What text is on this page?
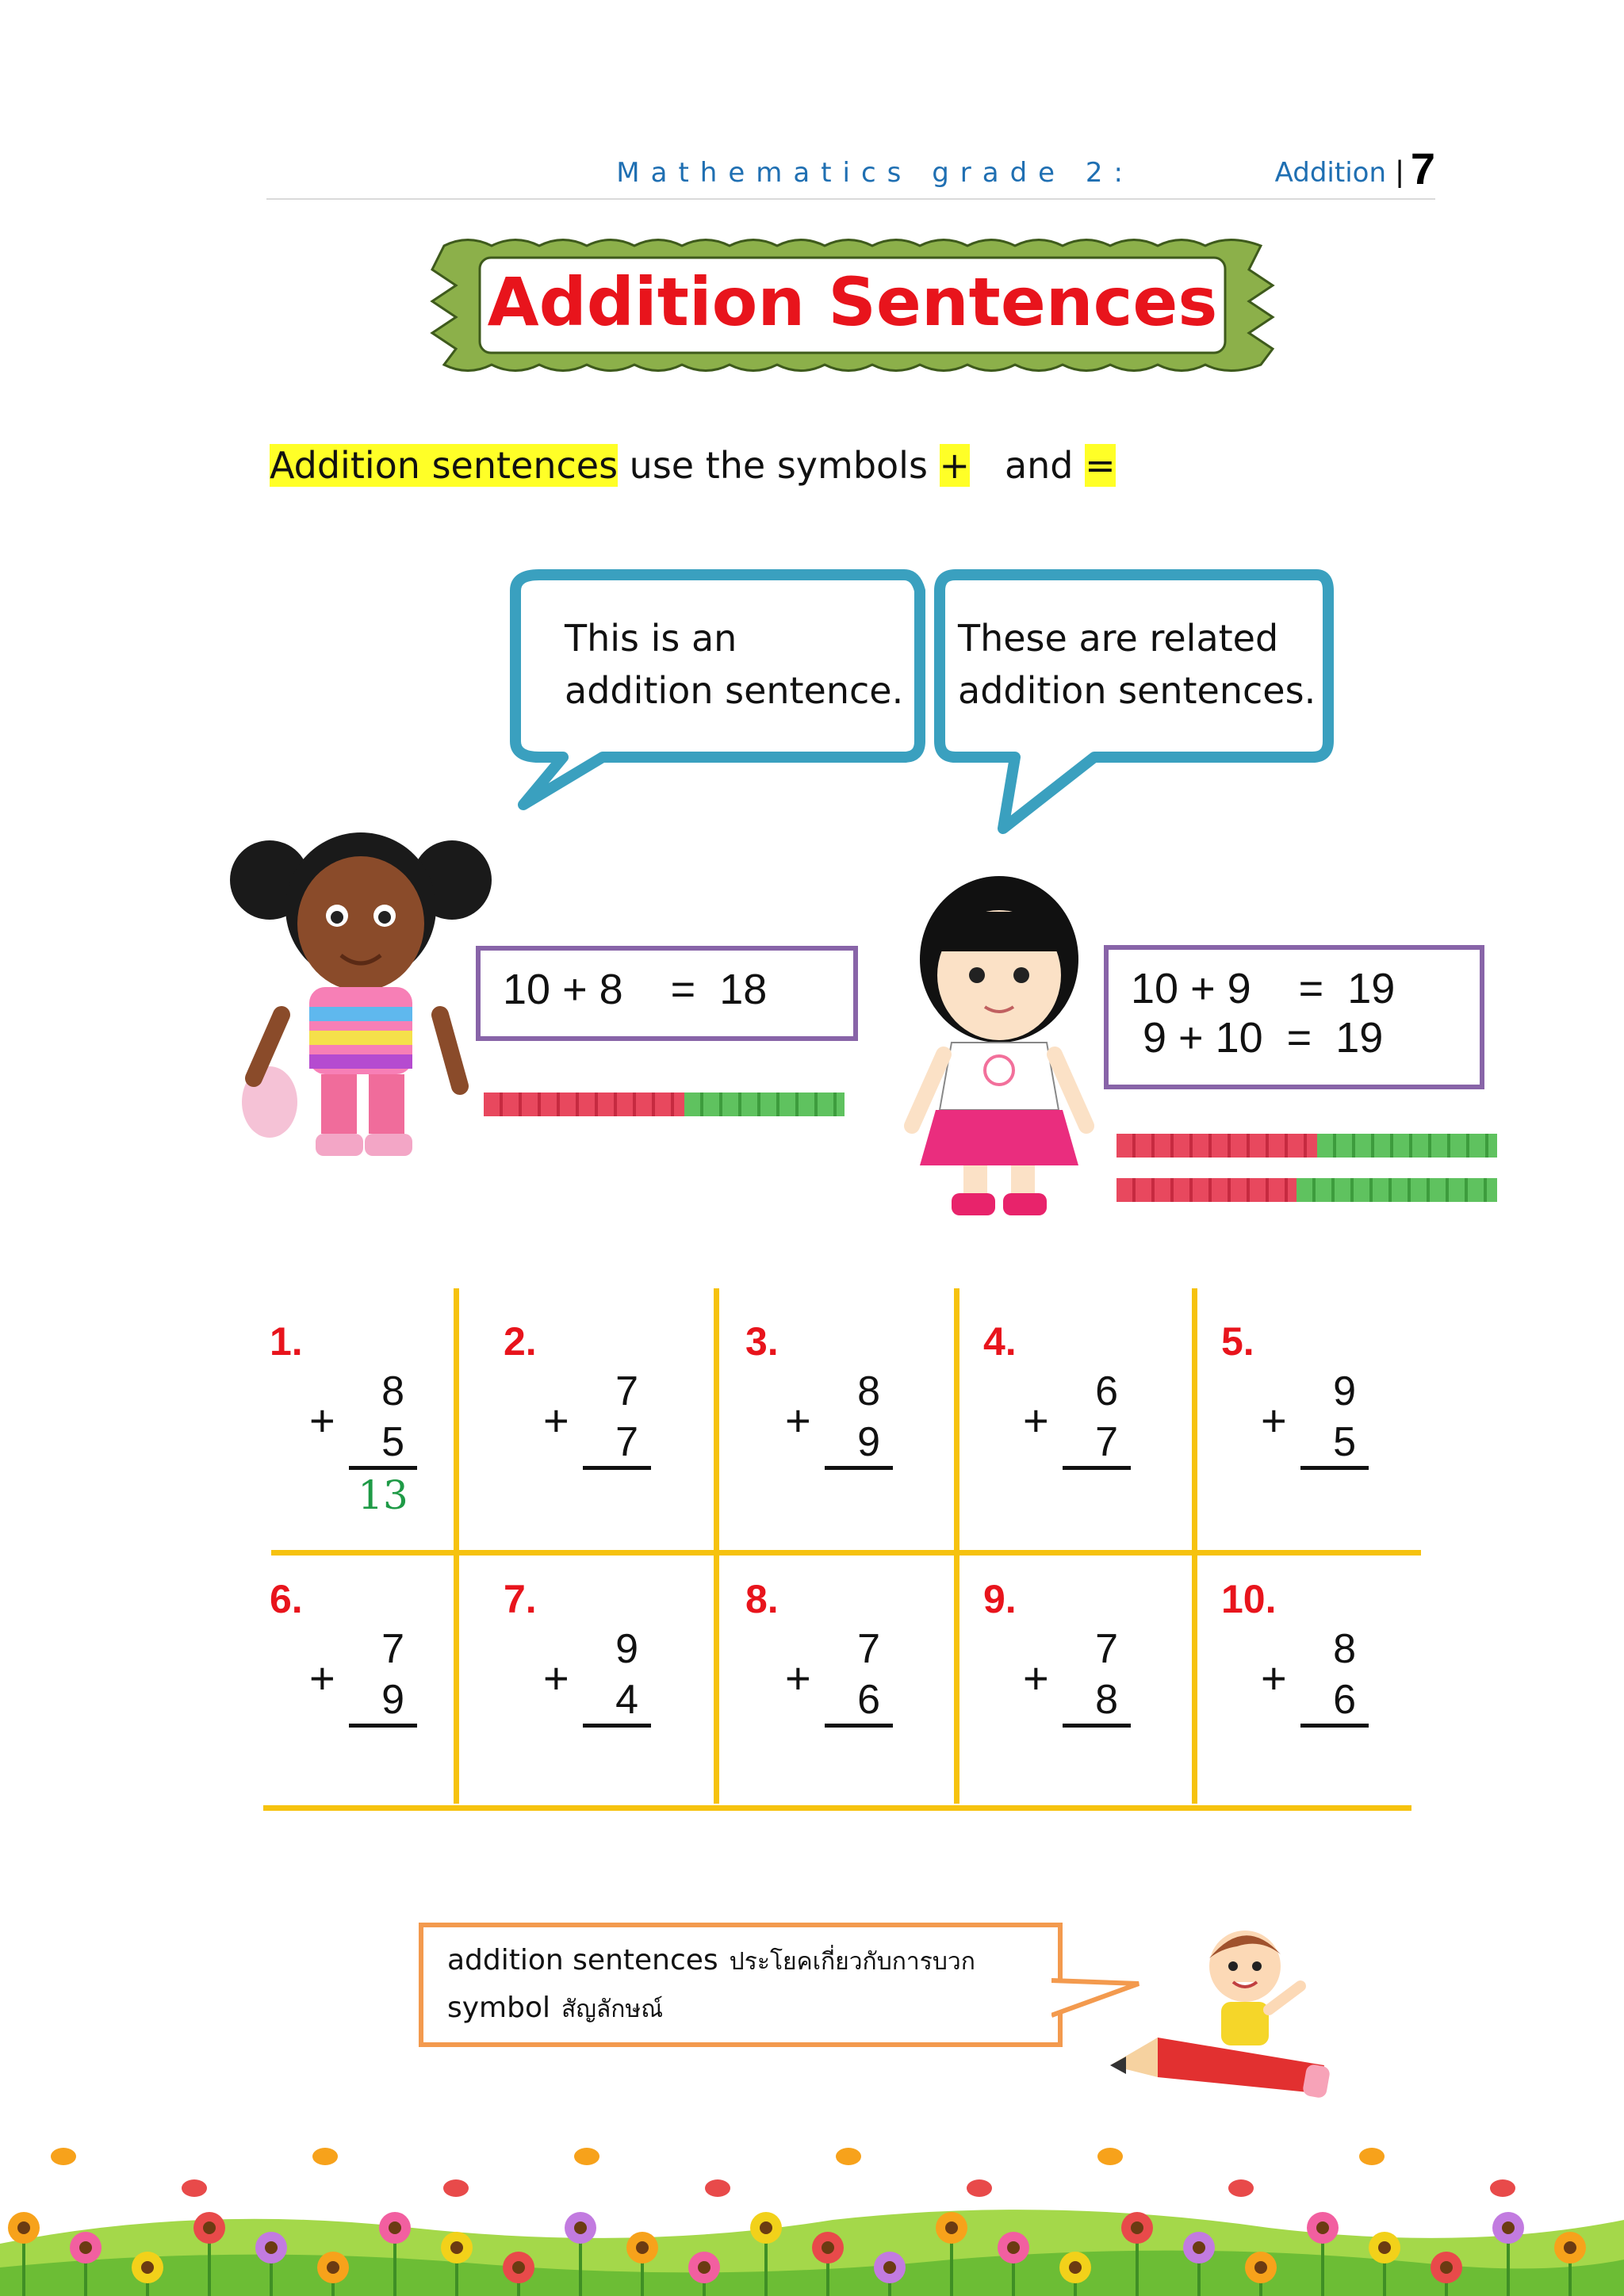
Mathematics grade 2:	Addition | 7
Addition Sentences
Addition sentences use the symbols + and =
This is an
addition sentence.
These are related
addition sentences.
10 + 8    =  18	10 + 9    =  19
9 + 10  =  19
1.
8
+	5
13
2.
7
+	7
3.
8
+	9
4.
6
+	7
5.
9
+	5
6.
7
+	9
7.
9
+	4
8.
7
+	6
9.
7
+	8
10.
8
+	6
addition sentences ประโยคเกี่ยวกับการบวก
symbol สัญลักษณ์
